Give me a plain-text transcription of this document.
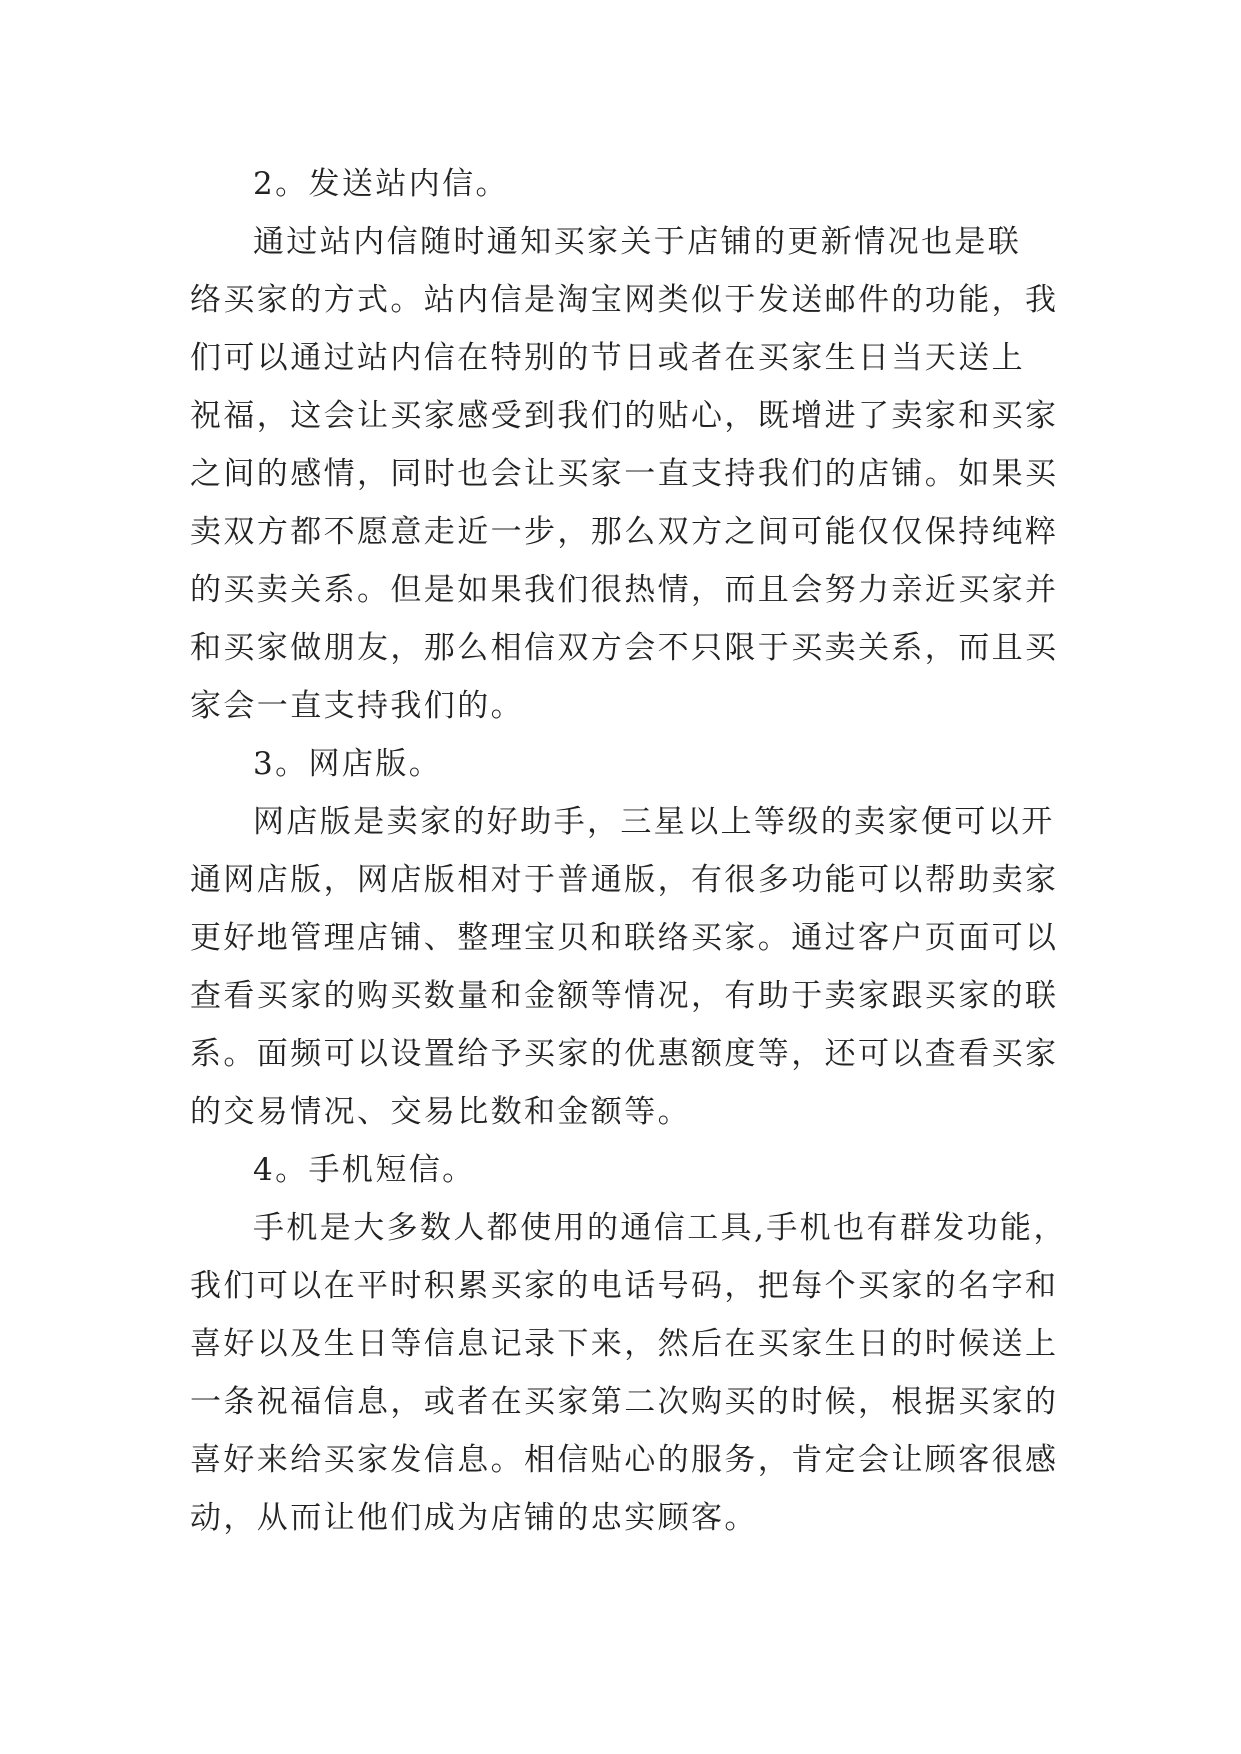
2。发送站内信。
通过站内信随时通知买家关于店铺的更新情况也是联
络买家的方式。站内信是淘宝网类似于发送邮件的功能，我
们可以通过站内信在特别的节日或者在买家生日当天送上
祝福，这会让买家感受到我们的贴心，既增进了卖家和买家
之间的感情，同时也会让买家一直支持我们的店铺。如果买
卖双方都不愿意走近一步，那么双方之间可能仅仅保持纯粹
的买卖关系。但是如果我们很热情，而且会努力亲近买家并
和买家做朋友，那么相信双方会不只限于买卖关系，而且买
家会一直支持我们的。
3。网店版。
网店版是卖家的好助手，三星以上等级的卖家便可以开
通网店版，网店版相对于普通版，有很多功能可以帮助卖家
更好地管理店铺、整理宝贝和联络买家。通过客户页面可以
查看买家的购买数量和金额等情况，有助于卖家跟买家的联
系。面频可以设置给予买家的优惠额度等，还可以查看买家
的交易情况、交易比数和金额等。
4。手机短信。
手机是大多数人都使用的通信工具,手机也有群发功能，
我们可以在平时积累买家的电话号码，把每个买家的名字和
喜好以及生日等信息记录下来，然后在买家生日的时候送上
一条祝福信息，或者在买家第二次购买的时候，根据买家的
喜好来给买家发信息。相信贴心的服务，肯定会让顾客很感
动，从而让他们成为店铺的忠实顾客。
